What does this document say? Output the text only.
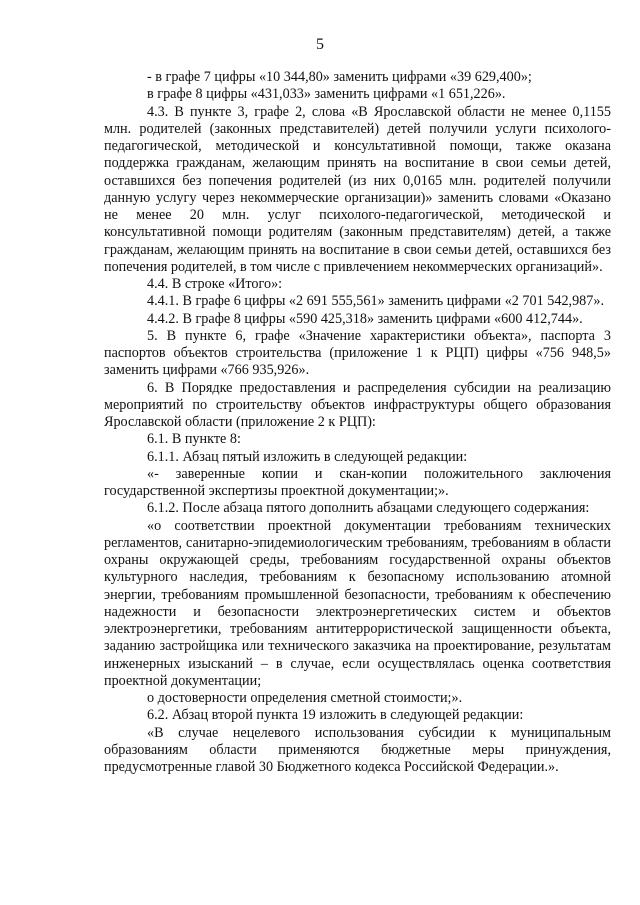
5

- в графе 7 цифры «10 344,80» заменить цифрами «39 629,400»;

в графе 8 цифры «431,033» заменить цифрами «1 651,226».

4.3. В пункте 3, графе 2, слова «В Ярославской области не менее 0,1155 млн. родителей (законных представителей) детей получили услуги психолого-педагогической, методической и консультативной помощи, также оказана поддержка гражданам, желающим принять на воспитание в свои семьи детей, оставшихся без попечения родителей (из них 0,0165 млн. родителей получили данную услугу через некоммерческие организации)» заменить словами «Оказано не менее 20 млн. услуг психолого-педагогической, методической и консультативной помощи родителям (законным представителям) детей, а также гражданам, желающим принять на воспитание в свои семьи детей, оставшихся без попечения родителей, в том числе с привлечением некоммерческих организаций».

4.4. В строке «Итого»:

4.4.1. В графе 6 цифры «2 691 555,561» заменить цифрами «2 701 542,987».

4.4.2. В графе 8 цифры «590 425,318» заменить цифрами «600 412,744».

5. В пункте 6, графе «Значение характеристики объекта», паспорта 3 паспортов объектов строительства (приложение 1 к РЦП) цифры «756 948,5» заменить цифрами «766 935,926».

6. В Порядке предоставления и распределения субсидии на реализацию мероприятий по строительству объектов инфраструктуры общего образования Ярославской области (приложение 2 к РЦП):

6.1. В пункте 8:

6.1.1. Абзац пятый изложить в следующей редакции:

«- заверенные копии и скан-копии положительного заключения государственной экспертизы проектной документации;».

6.1.2. После абзаца пятого дополнить абзацами следующего содержания:

«о соответствии проектной документации требованиям технических регламентов, санитарно-эпидемиологическим требованиям, требованиям в области охраны окружающей среды, требованиям государственной охраны объектов культурного наследия, требованиям к безопасному использованию атомной энергии, требованиям промышленной безопасности, требованиям к обеспечению надежности и безопасности электроэнергетических систем и объектов электроэнергетики, требованиям антитеррористической защищенности объекта, заданию застройщика или технического заказчика на проектирование, результатам инженерных изысканий – в случае, если осуществлялась оценка соответствия проектной документации;

о достоверности определения сметной стоимости;».

6.2. Абзац второй пункта 19 изложить в следующей редакции:

«В случае нецелевого использования субсидии к муниципальным образованиям области применяются бюджетные меры принуждения, предусмотренные главой 30 Бюджетного кодекса Российской Федерации.».
